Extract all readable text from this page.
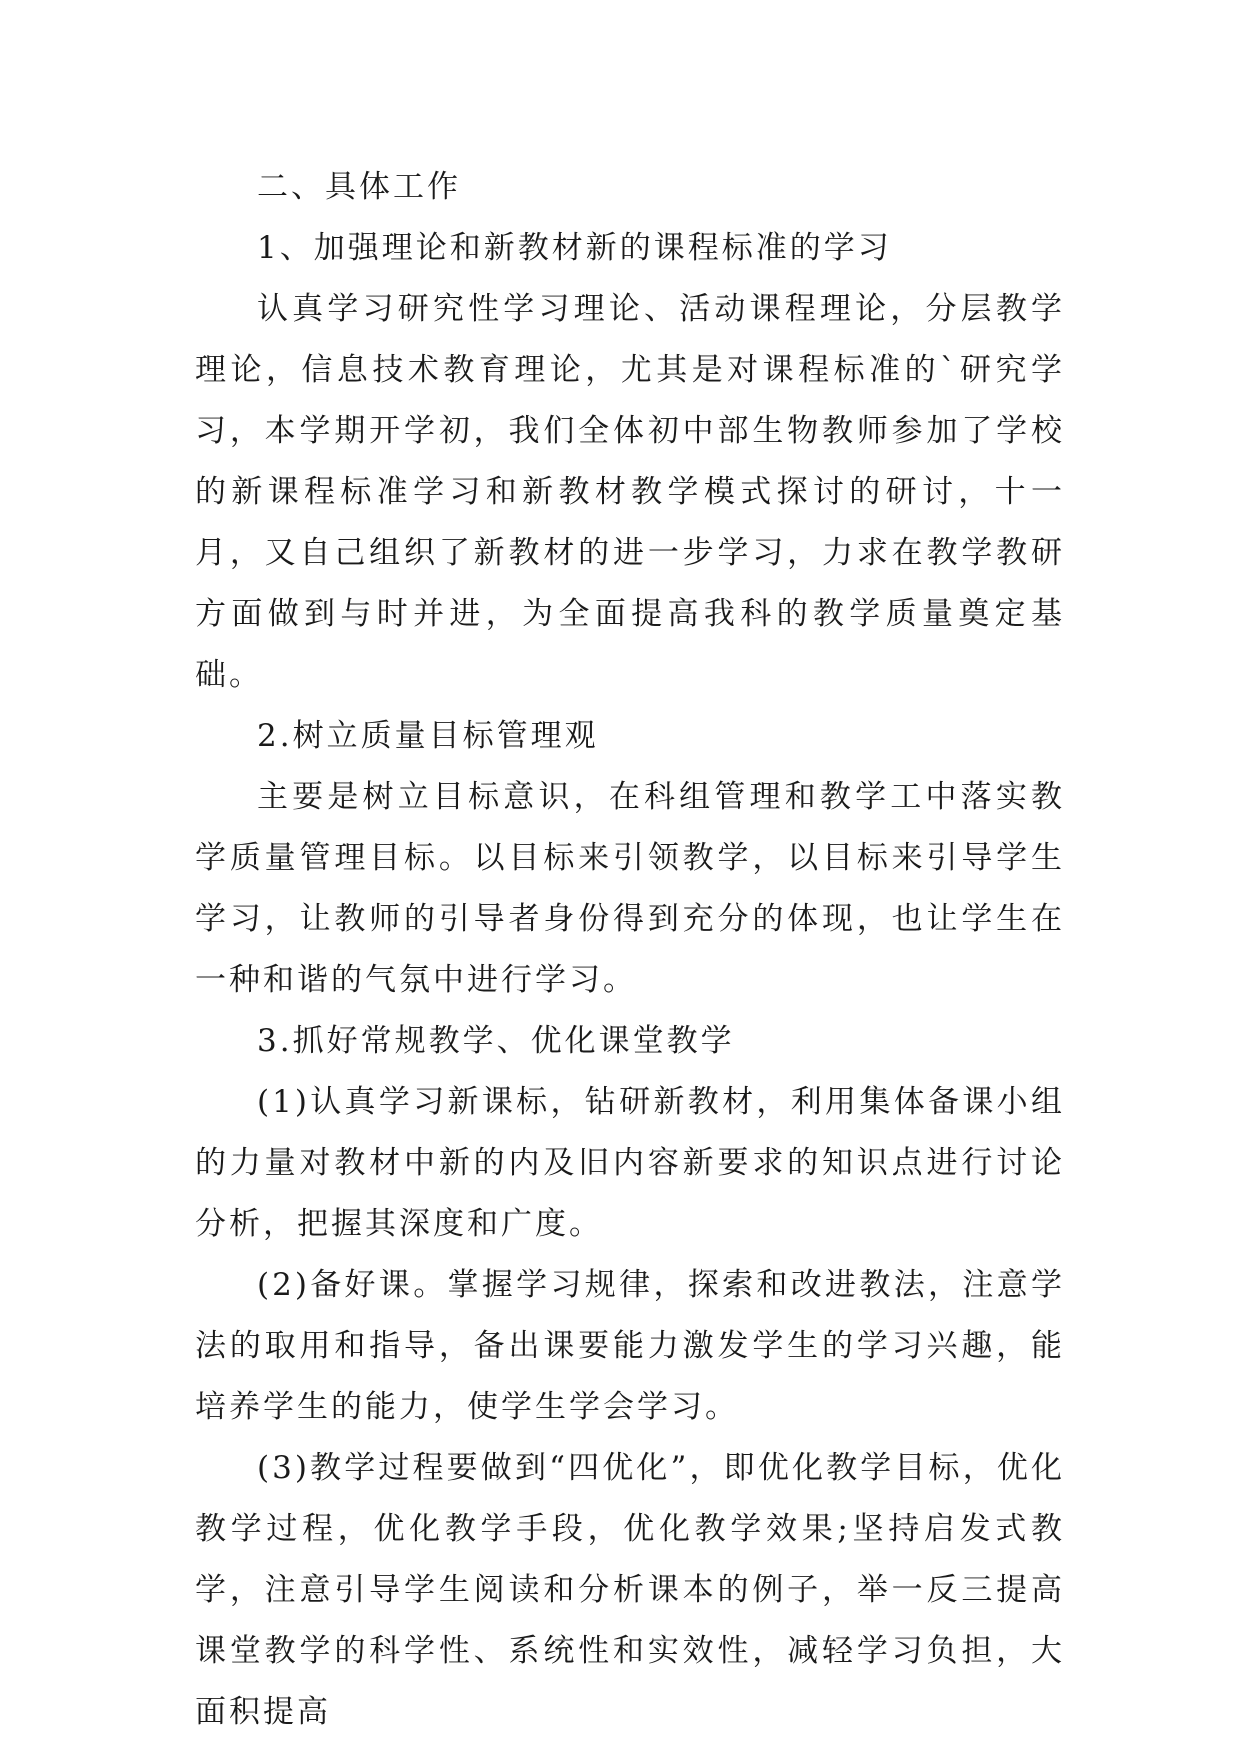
二、具体工作

1、加强理论和新教材新的课程标准的学习

认真学习研究性学习理论、活动课程理论，分层教学理论，信息技术教育理论，尤其是对课程标准的`研究学习，本学期开学初，我们全体初中部生物教师参加了学校的新课程标准学习和新教材教学模式探讨的研讨，十一月，又自己组织了新教材的进一步学习，力求在教学教研方面做到与时并进，为全面提高我科的教学质量奠定基础。

2.树立质量目标管理观

主要是树立目标意识，在科组管理和教学工中落实教学质量管理目标。以目标来引领教学，以目标来引导学生学习，让教师的引导者身份得到充分的体现，也让学生在一种和谐的气氛中进行学习。

3.抓好常规教学、优化课堂教学

(1)认真学习新课标，钻研新教材，利用集体备课小组的力量对教材中新的内及旧内容新要求的知识点进行讨论分析，把握其深度和广度。

(2)备好课。掌握学习规律，探索和改进教法，注意学法的取用和指导，备出课要能力激发学生的学习兴趣，能培养学生的能力，使学生学会学习。

(3)教学过程要做到“四优化”，即优化教学目标，优化教学过程，优化教学手段，优化教学效果;坚持启发式教学，注意引导学生阅读和分析课本的例子，举一反三提高课堂教学的科学性、系统性和实效性，减轻学习负担，大面积提高
